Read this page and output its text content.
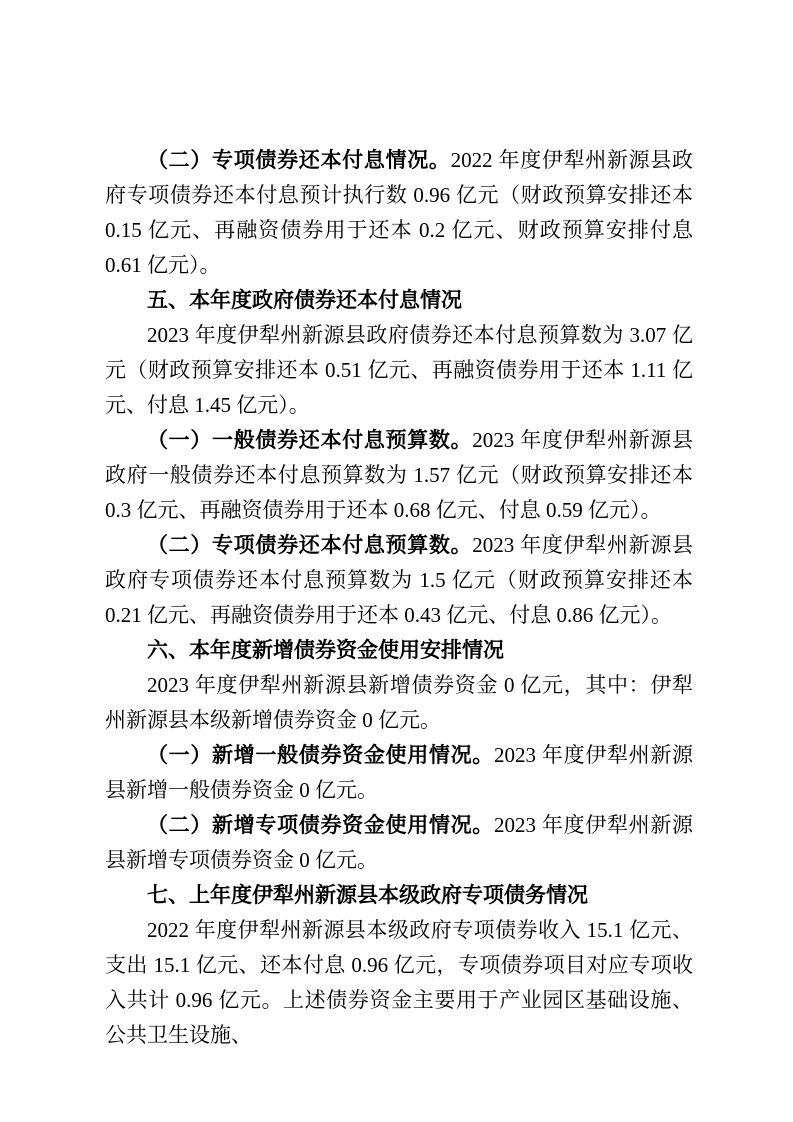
（二）专项债券还本付息情况。2022 年度伊犁州新源县政府专项债券还本付息预计执行数 0.96 亿元（财政预算安排还本 0.15 亿元、再融资债券用于还本 0.2 亿元、财政预算安排付息 0.61 亿元）。

五、本年度政府债券还本付息情况

2023 年度伊犁州新源县政府债券还本付息预算数为 3.07 亿元（财政预算安排还本 0.51 亿元、再融资债券用于还本 1.11 亿元、付息 1.45 亿元）。

（一）一般债券还本付息预算数。2023 年度伊犁州新源县政府一般债券还本付息预算数为 1.57 亿元（财政预算安排还本 0.3 亿元、再融资债券用于还本 0.68 亿元、付息 0.59 亿元）。

（二）专项债券还本付息预算数。2023 年度伊犁州新源县政府专项债券还本付息预算数为 1.5 亿元（财政预算安排还本 0.21 亿元、再融资债券用于还本 0.43 亿元、付息 0.86 亿元）。

六、本年度新增债券资金使用安排情况

2023 年度伊犁州新源县新增债券资金 0 亿元，其中：伊犁州新源县本级新增债券资金 0 亿元。

（一）新增一般债券资金使用情况。2023 年度伊犁州新源县新增一般债券资金 0 亿元。

（二）新增专项债券资金使用情况。2023 年度伊犁州新源县新增专项债券资金 0 亿元。

七、上年度伊犁州新源县本级政府专项债务情况

2022 年度伊犁州新源县本级政府专项债券收入 15.1 亿元、支出 15.1 亿元、还本付息 0.96 亿元，专项债券项目对应专项收入共计 0.96 亿元。上述债券资金主要用于产业园区基础设施、公共卫生设施、
